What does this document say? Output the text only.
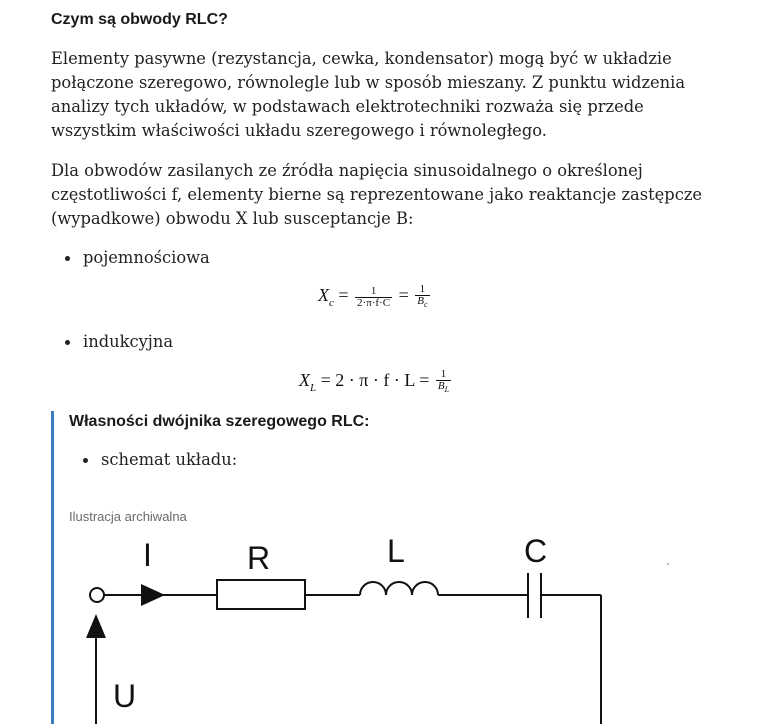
Czym są obwody RLC?
Elementy pasywne (rezystancja, cewka, kondensator) mogą być w układzie połączone szeregowo, równolegle lub w sposób mieszany. Z punktu widzenia analizy tych układów, w podstawach elektrotechniki rozważa się przede wszystkim właściwości układu szeregowego i równoległego.
Dla obwodów zasilanych ze źródła napięcia sinusoidalnego o określonej częstotliwości f, elementy bierne są reprezentowane jako reaktancje zastępcze (wypadkowe) obwodu X lub susceptancje B:
pojemnościowa
$X_c = \frac{1}{2\cdot\pi\cdot f\cdot C} = \frac{1}{B_c}$
indukcyjna
$X_L = 2 \cdot \pi \cdot f \cdot L = \frac{1}{B_L}$
Własności dwójnika szeregowego RLC:
schemat układu:
Ilustracja archiwalna
I	R	L	C
U
